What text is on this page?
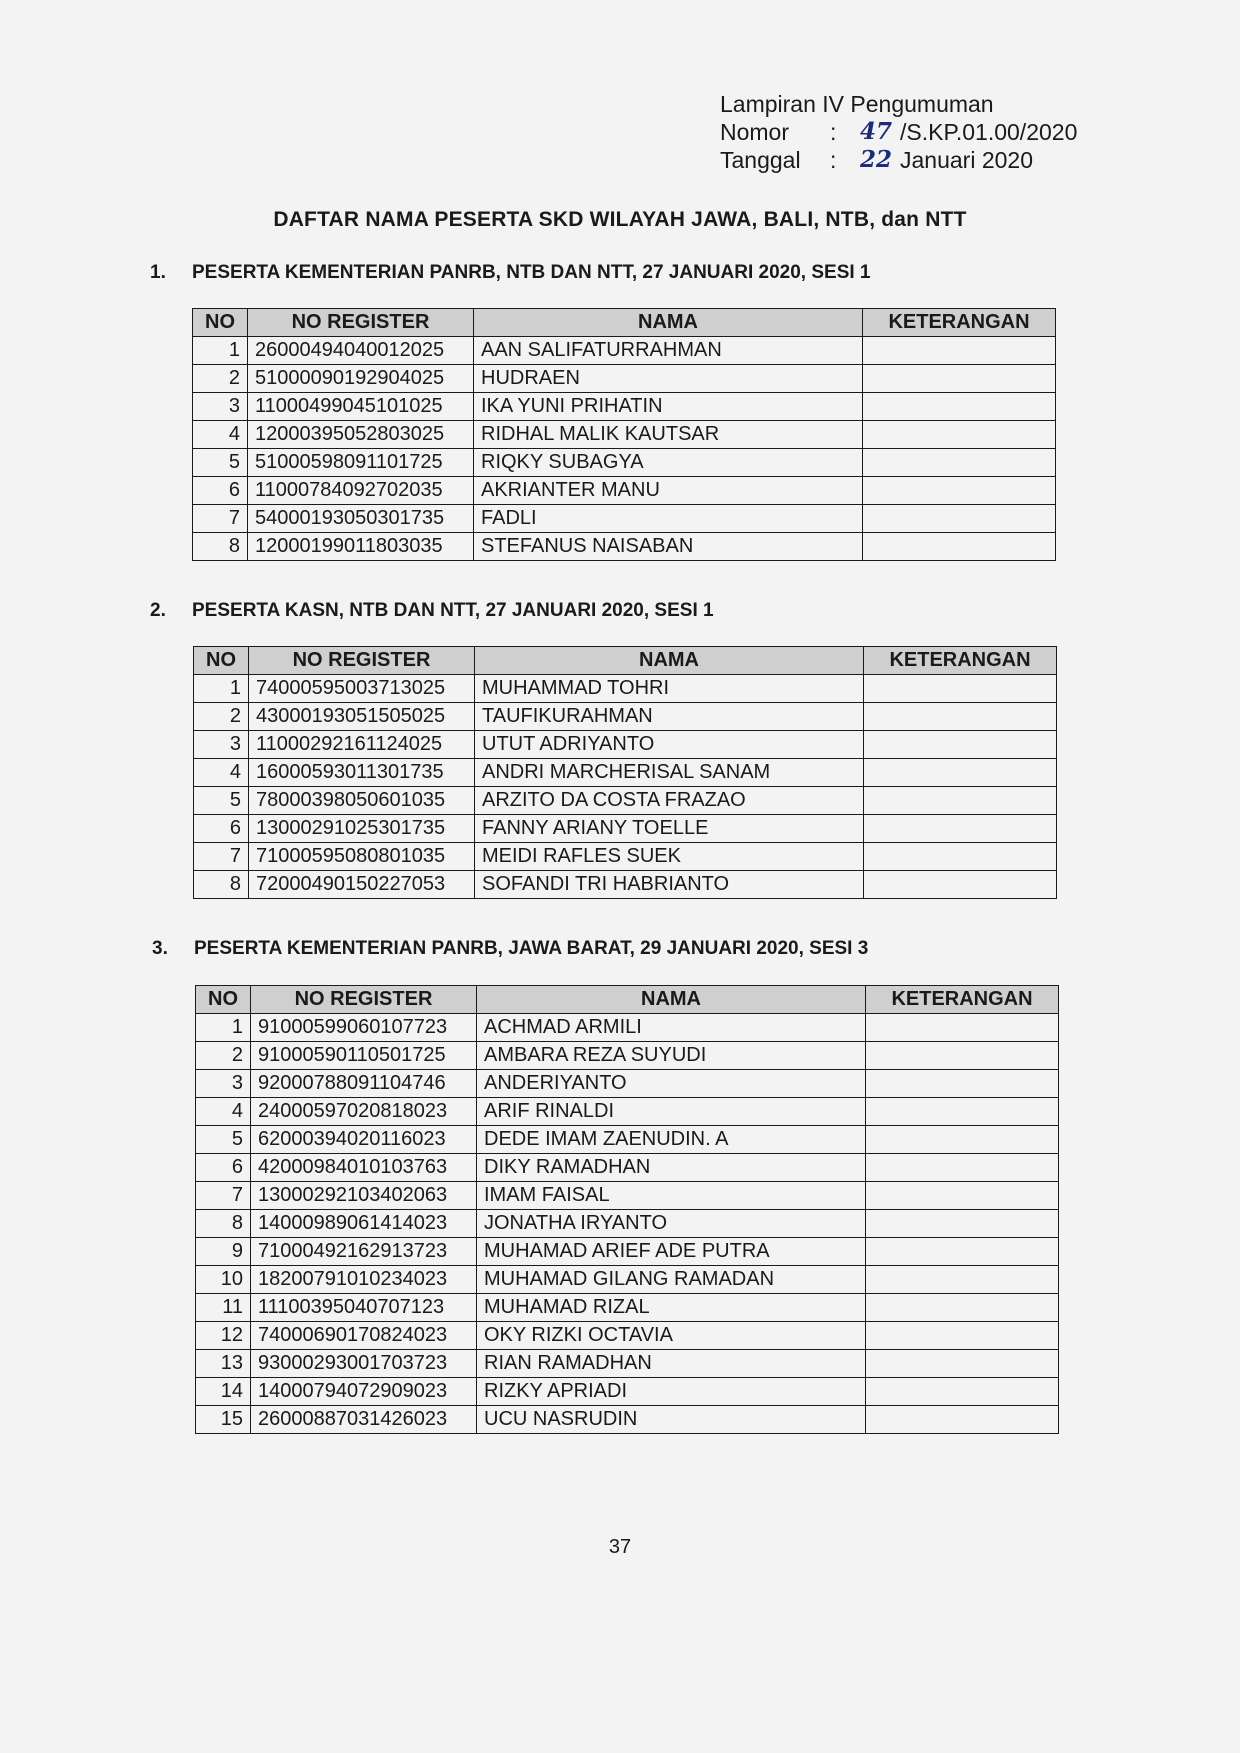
Lampiran IV Pengumuman
Nomor	:	47 /S.KP.01.00/2020
Tanggal	:	22 Januari 2020
DAFTAR NAMA PESERTA SKD WILAYAH JAWA, BALI, NTB, dan NTT
1. PESERTA KEMENTERIAN PANRB, NTB DAN NTT, 27 JANUARI 2020, SESI 1
NO	NO REGISTER	NAMA	KETERANGAN
1	26000494040012025	AAN SALIFATURRAHMAN	
2	51000090192904025	HUDRAEN	
3	11000499045101025	IKA YUNI PRIHATIN	
4	12000395052803025	RIDHAL MALIK KAUTSAR	
5	51000598091101725	RIQKY SUBAGYA	
6	11000784092702035	AKRIANTER MANU	
7	54000193050301735	FADLI	
8	12000199011803035	STEFANUS NAISABAN	
2. PESERTA KASN, NTB DAN NTT, 27 JANUARI 2020, SESI 1
NO	NO REGISTER	NAMA	KETERANGAN
1	74000595003713025	MUHAMMAD TOHRI	
2	43000193051505025	TAUFIKURAHMAN	
3	11000292161124025	UTUT ADRIYANTO	
4	16000593011301735	ANDRI MARCHERISAL SANAM	
5	78000398050601035	ARZITO DA COSTA FRAZAO	
6	13000291025301735	FANNY ARIANY TOELLE	
7	71000595080801035	MEIDI RAFLES SUEK	
8	72000490150227053	SOFANDI TRI HABRIANTO	
3. PESERTA KEMENTERIAN PANRB, JAWA BARAT, 29 JANUARI 2020, SESI 3
NO	NO REGISTER	NAMA	KETERANGAN
1	91000599060107723	ACHMAD ARMILI	
2	91000590110501725	AMBARA REZA SUYUDI	
3	92000788091104746	ANDERIYANTO	
4	24000597020818023	ARIF RINALDI	
5	62000394020116023	DEDE IMAM ZAENUDIN. A	
6	42000984010103763	DIKY RAMADHAN	
7	13000292103402063	IMAM FAISAL	
8	14000989061414023	JONATHA IRYANTO	
9	71000492162913723	MUHAMAD ARIEF ADE PUTRA	
10	18200791010234023	MUHAMAD GILANG RAMADAN	
11	11100395040707123	MUHAMAD RIZAL	
12	74000690170824023	OKY RIZKI OCTAVIA	
13	93000293001703723	RIAN RAMADHAN	
14	14000794072909023	RIZKY APRIADI	
15	26000887031426023	UCU NASRUDIN	
37
